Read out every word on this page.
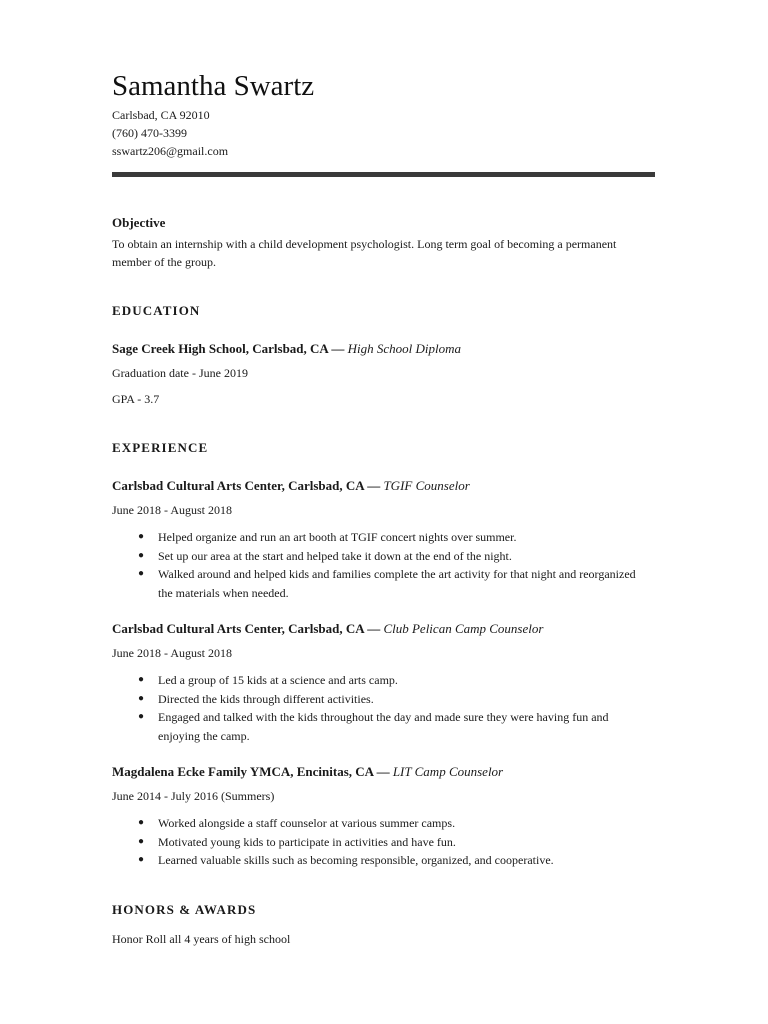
Samantha Swartz
Carlsbad, CA 92010
(760) 470-3399
sswartz206@gmail.com
Objective
To obtain an internship with a child development psychologist. Long term goal of becoming a permanent member of the group.
EDUCATION
Sage Creek High School, Carlsbad, CA — High School Diploma
Graduation date - June 2019
GPA - 3.7
EXPERIENCE
Carlsbad Cultural Arts Center, Carlsbad, CA — TGIF Counselor
June 2018 - August 2018
● Helped organize and run an art booth at TGIF concert nights over summer.
● Set up our area at the start and helped take it down at the end of the night.
● Walked around and helped kids and families complete the art activity for that night and reorganized the materials when needed.
Carlsbad Cultural Arts Center, Carlsbad, CA — Club Pelican Camp Counselor
June 2018 - August 2018
● Led a group of 15 kids at a science and arts camp.
● Directed the kids through different activities.
● Engaged and talked with the kids throughout the day and made sure they were having fun and enjoying the camp.
Magdalena Ecke Family YMCA, Encinitas, CA — LIT Camp Counselor
June 2014 - July 2016 (Summers)
● Worked alongside a staff counselor at various summer camps.
● Motivated young kids to participate in activities and have fun.
● Learned valuable skills such as becoming responsible, organized, and cooperative.
HONORS & AWARDS
Honor Roll all 4 years of high school
